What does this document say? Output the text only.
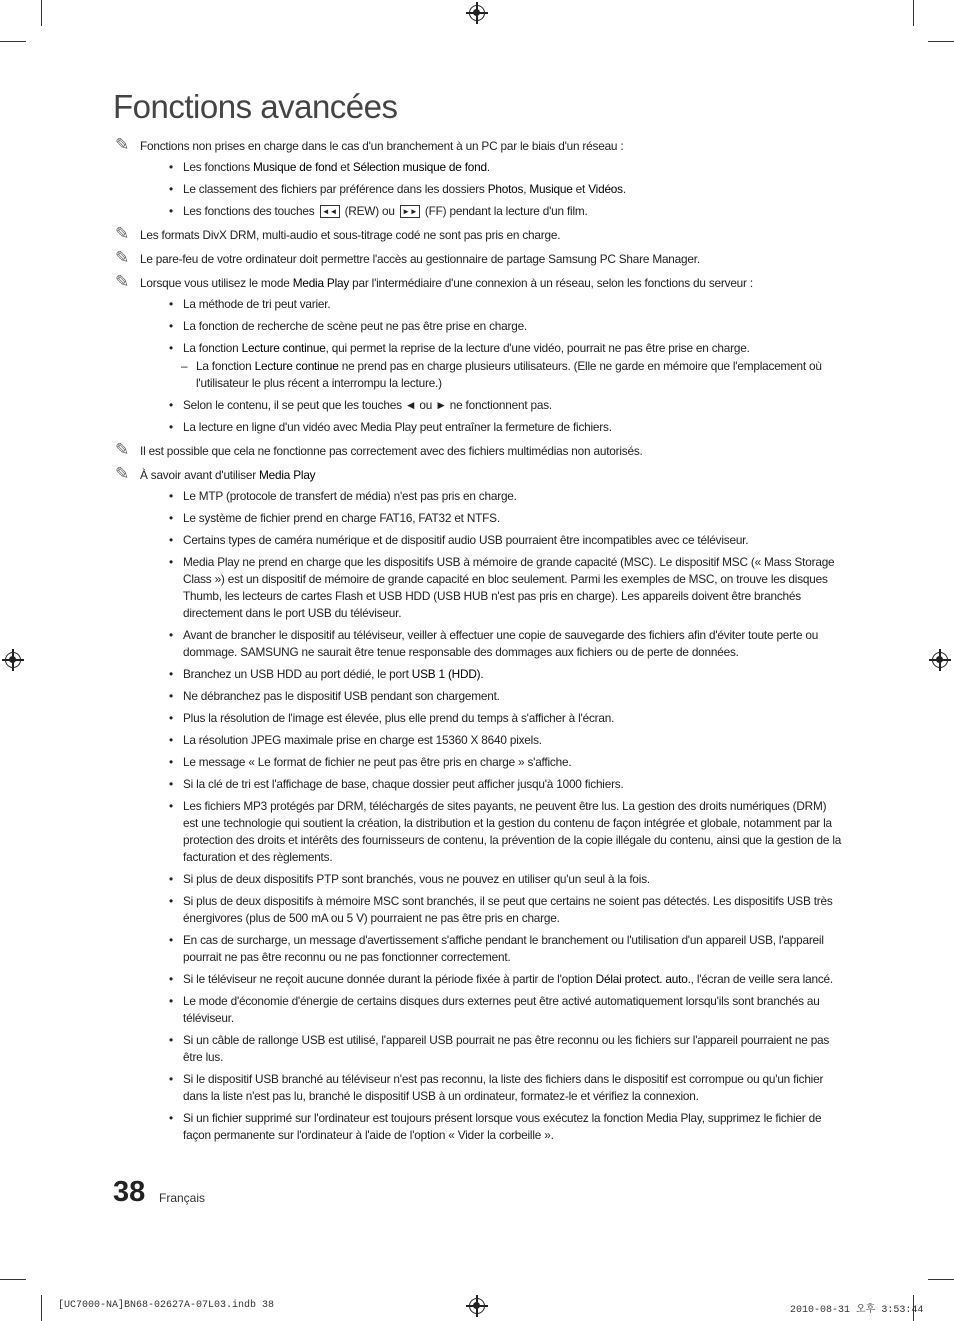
Fonctions avancées
✎ Fonctions non prises en charge dans le cas d'un branchement à un PC par le biais d'un réseau :
• Les fonctions Musique de fond et Sélection musique de fond.
• Le classement des fichiers par préférence dans les dossiers Photos, Musique et Vidéos.
• Les fonctions des touches ◄◄ (REW) ou ►► (FF) pendant la lecture d'un film.
✎ Les formats DivX DRM, multi-audio et sous-titrage codé ne sont pas pris en charge.
✎ Le pare-feu de votre ordinateur doit permettre l'accès au gestionnaire de partage Samsung PC Share Manager.
✎ Lorsque vous utilisez le mode Media Play par l'intermédiaire d'une connexion à un réseau, selon les fonctions du serveur :
• La méthode de tri peut varier.
• La fonction de recherche de scène peut ne pas être prise en charge.
• La fonction Lecture continue, qui permet la reprise de la lecture d'une vidéo, pourrait ne pas être prise en charge.
– La fonction Lecture continue ne prend pas en charge plusieurs utilisateurs. (Elle ne garde en mémoire que l'emplacement où l'utilisateur le plus récent a interrompu la lecture.)
• Selon le contenu, il se peut que les touches ◄ ou ► ne fonctionnent pas.
• La lecture en ligne d'un vidéo avec Media Play peut entraîner la fermeture de fichiers.
✎ Il est possible que cela ne fonctionne pas correctement avec des fichiers multimédias non autorisés.
✎ À savoir avant d'utiliser Media Play
• Le MTP (protocole de transfert de média) n'est pas pris en charge.
• Le système de fichier prend en charge FAT16, FAT32 et NTFS.
• Certains types de caméra numérique et de dispositif audio USB pourraient être incompatibles avec ce téléviseur.
• Media Play ne prend en charge que les dispositifs USB à mémoire de grande capacité (MSC). Le dispositif MSC (« Mass Storage Class ») est un dispositif de mémoire de grande capacité en bloc seulement. Parmi les exemples de MSC, on trouve les disques Thumb, les lecteurs de cartes Flash et USB HDD (USB HUB n'est pas pris en charge). Les appareils doivent être branchés directement dans le port USB du téléviseur.
• Avant de brancher le dispositif au téléviseur, veiller à effectuer une copie de sauvegarde des fichiers afin d'éviter toute perte ou dommage. SAMSUNG ne saurait être tenue responsable des dommages aux fichiers ou de perte de données.
• Branchez un USB HDD au port dédié, le port USB 1 (HDD).
• Ne débranchez pas le dispositif USB pendant son chargement.
• Plus la résolution de l'image est élevée, plus elle prend du temps à s'afficher à l'écran.
• La résolution JPEG maximale prise en charge est 15360 X 8640 pixels.
• Le message « Le format de fichier ne peut pas être pris en charge » s'affiche.
• Si la clé de tri est l'affichage de base, chaque dossier peut afficher jusqu'à 1000 fichiers.
• Les fichiers MP3 protégés par DRM, téléchargés de sites payants, ne peuvent être lus. La gestion des droits numériques (DRM) est une technologie qui soutient la création, la distribution et la gestion du contenu de façon intégrée et globale, notamment par la protection des droits et intérêts des fournisseurs de contenu, la prévention de la copie illégale du contenu, ainsi que la gestion de la facturation et des règlements.
• Si plus de deux dispositifs PTP sont branchés, vous ne pouvez en utiliser qu'un seul à la fois.
• Si plus de deux dispositifs à mémoire MSC sont branchés, il se peut que certains ne soient pas détectés. Les dispositifs USB très énergivores (plus de 500 mA ou 5 V) pourraient ne pas être pris en charge.
• En cas de surcharge, un message d'avertissement s'affiche pendant le branchement ou l'utilisation d'un appareil USB, l'appareil pourrait ne pas être reconnu ou ne pas fonctionner correctement.
• Si le téléviseur ne reçoit aucune donnée durant la période fixée à partir de l'option Délai protect. auto., l'écran de veille sera lancé.
• Le mode d'économie d'énergie de certains disques durs externes peut être activé automatiquement lorsqu'ils sont branchés au téléviseur.
• Si un câble de rallonge USB est utilisé, l'appareil USB pourrait ne pas être reconnu ou les fichiers sur l'appareil pourraient ne pas être lus.
• Si le dispositif USB branché au téléviseur n'est pas reconnu, la liste des fichiers dans le dispositif est corrompue ou qu'un fichier dans la liste n'est pas lu, branché le dispositif USB à un ordinateur, formatez-le et vérifiez la connexion.
• Si un fichier supprimé sur l'ordinateur est toujours présent lorsque vous exécutez la fonction Media Play, supprimez le fichier de façon permanente sur l'ordinateur à l'aide de l'option « Vider la corbeille ».
38 Français
[UC7000-NA]BN68-02627A-07L03.indb 38	2010-08-31 오후 3:53:44
